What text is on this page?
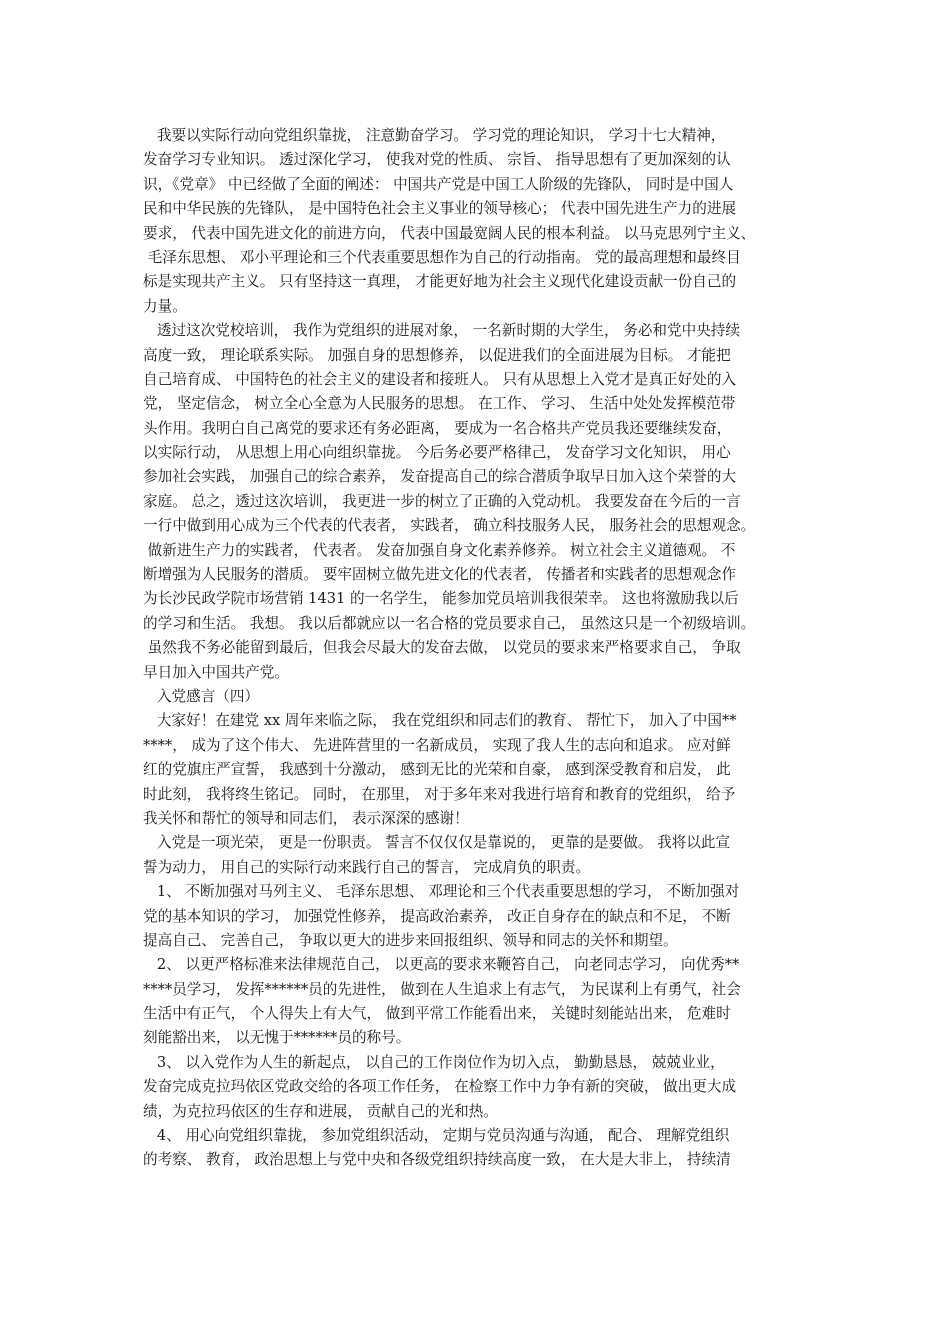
我要以实际行动向党组织靠拢， 注意勤奋学习。 学习党的理论知识， 学习十七大精神，
发奋学习专业知识。 透过深化学习， 使我对党的性质、 宗旨、 指导思想有了更加深刻的认
识，《党章》 中已经做了全面的阐述： 中国共产党是中国工人阶级的先锋队， 同时是中国人
民和中华民族的先锋队， 是中国特色社会主义事业的领导核心； 代表中国先进生产力的进展
要求， 代表中国先进文化的前进方向， 代表中国最宽阔人民的根本利益。 以马克思列宁主义、
毛泽东思想、 邓小平理论和三个代表重要思想作为自己的行动指南。 党的最高理想和最终目
标是实现共产主义。 只有坚持这一真理， 才能更好地为社会主义现代化建设贡献一份自己的
力量。
透过这次党校培训， 我作为党组织的进展对象， 一名新时期的大学生， 务必和党中央持续
高度一致， 理论联系实际。 加强自身的思想修养， 以促进我们的全面进展为目标。 才能把
自己培育成、 中国特色的社会主义的建设者和接班人。 只有从思想上入党才是真正好处的入
党， 坚定信念， 树立全心全意为人民服务的思想。 在工作、 学习、 生活中处处发挥模范带
头作用。我明白自己离党的要求还有务必距离， 要成为一名合格共产党员我还要继续发奋，
以实际行动， 从思想上用心向组织靠拢。 今后务必要严格律己， 发奋学习文化知识， 用心
参加社会实践， 加强自己的综合素养， 发奋提高自己的综合潜质争取早日加入这个荣誉的大
家庭。 总之，透过这次培训， 我更进一步的树立了正确的入党动机。 我要发奋在今后的一言
一行中做到用心成为三个代表的代表者， 实践者， 确立科技服务人民， 服务社会的思想观念。
做新进生产力的实践者， 代表者。 发奋加强自身文化素养修养。 树立社会主义道德观。 不
断增强为人民服务的潜质。 要牢固树立做先进文化的代表者， 传播者和实践者的思想观念作
为长沙民政学院市场营销 1431 的一名学生， 能参加党员培训我很荣幸。 这也将激励我以后
的学习和生活。 我想。 我以后都就应以一名合格的党员要求自己， 虽然这只是一个初级培训。
虽然我不务必能留到最后，但我会尽最大的发奋去做， 以党员的要求来严格要求自己， 争取
早日加入中国共产党。
入党感言（四）
大家好！在建党 xx 周年来临之际， 我在党组织和同志们的教育、 帮忙下， 加入了中国**
****， 成为了这个伟大、 先进阵营里的一名新成员， 实现了我人生的志向和追求。 应对鲜
红的党旗庄严宣誓， 我感到十分激动， 感到无比的光荣和自豪， 感到深受教育和启发， 此
时此刻， 我将终生铭记。 同时， 在那里， 对于多年来对我进行培育和教育的党组织， 给予
我关怀和帮忙的领导和同志们， 表示深深的感谢！
入党是一项光荣， 更是一份职责。 誓言不仅仅仅是靠说的， 更靠的是要做。 我将以此宣
誓为动力， 用自己的实际行动来践行自己的誓言， 完成肩负的职责。
1、 不断加强对马列主义、 毛泽东思想、 邓理论和三个代表重要思想的学习， 不断加强对
党的基本知识的学习， 加强党性修养， 提高政治素养， 改正自身存在的缺点和不足， 不断
提高自己、 完善自己， 争取以更大的进步来回报组织、领导和同志的关怀和期望。
2、 以更严格标准来法律规范自己， 以更高的要求来鞭笞自己， 向老同志学习， 向优秀**
****员学习， 发挥******员的先进性， 做到在人生追求上有志气， 为民谋利上有勇气，社会
生活中有正气， 个人得失上有大气， 做到平常工作能看出来， 关键时刻能站出来， 危难时
刻能豁出来， 以无愧于******员的称号。
3、 以入党作为人生的新起点， 以自己的工作岗位作为切入点， 勤勤恳恳， 兢兢业业，
发奋完成克拉玛依区党政交给的各项工作任务， 在检察工作中力争有新的突破， 做出更大成
绩，为克拉玛依区的生存和进展， 贡献自己的光和热。
4、 用心向党组织靠拢， 参加党组织活动， 定期与党员沟通与沟通， 配合、 理解党组织
的考察、 教育， 政治思想上与党中央和各级党组织持续高度一致， 在大是大非上， 持续清
